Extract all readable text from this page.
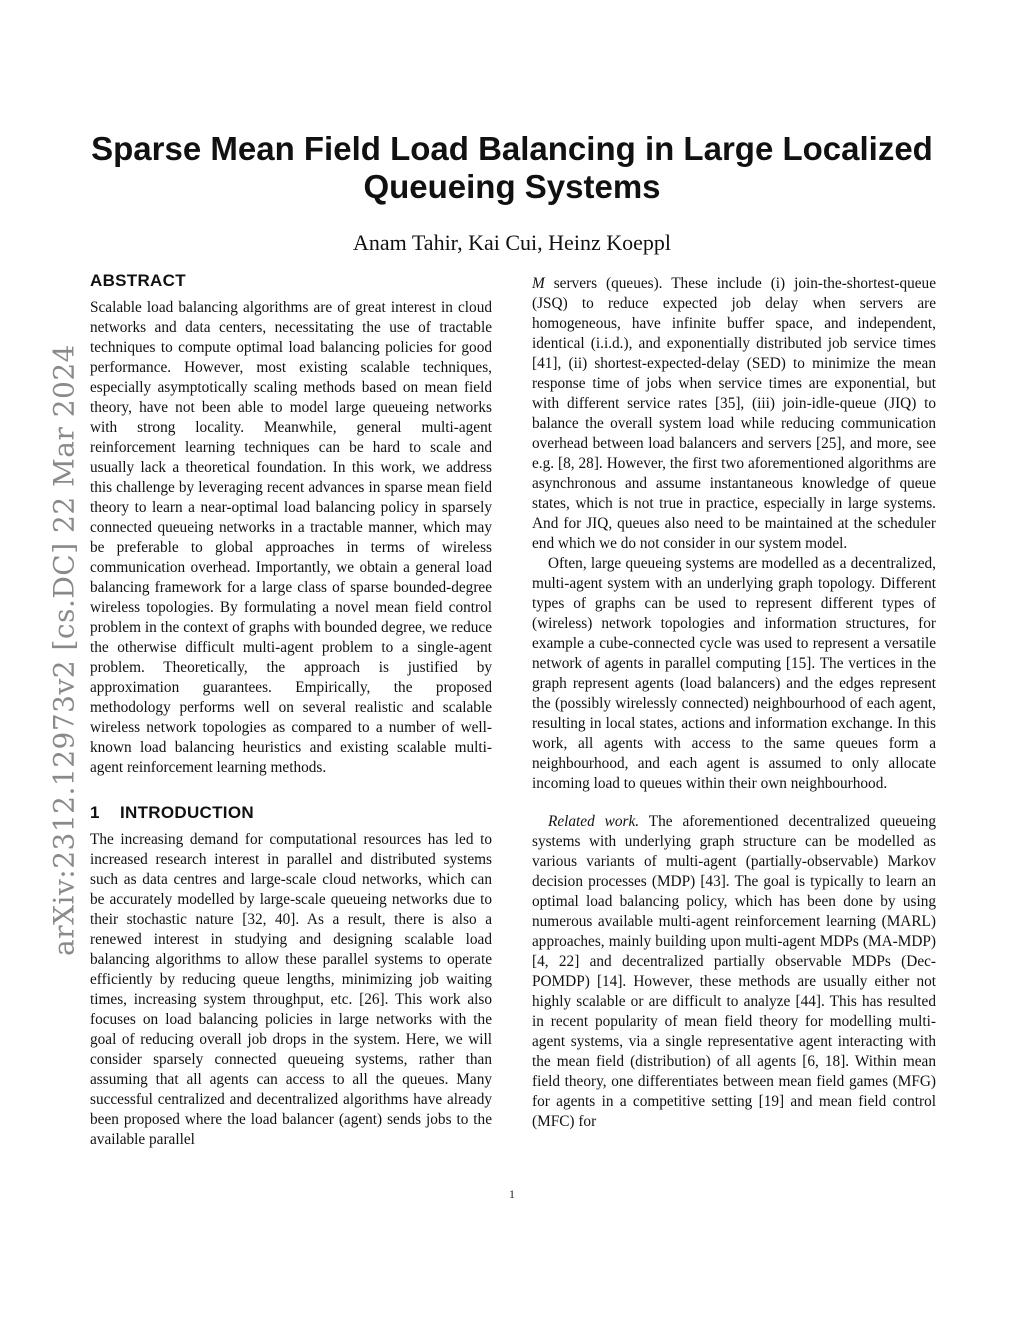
arXiv:2312.12973v2 [cs.DC] 22 Mar 2024
Sparse Mean Field Load Balancing in Large Localized Queueing Systems
Anam Tahir, Kai Cui, Heinz Koeppl
ABSTRACT

Scalable load balancing algorithms are of great interest in cloud networks and data centers, necessitating the use of tractable techniques to compute optimal load balancing policies for good performance. However, most existing scalable techniques, especially asymptotically scaling methods based on mean field theory, have not been able to model large queueing networks with strong locality. Meanwhile, general multi-agent reinforcement learning techniques can be hard to scale and usually lack a theoretical foundation. In this work, we address this challenge by leveraging recent advances in sparse mean field theory to learn a near-optimal load balancing policy in sparsely connected queueing networks in a tractable manner, which may be preferable to global approaches in terms of wireless communication overhead. Importantly, we obtain a general load balancing framework for a large class of sparse bounded-degree wireless topologies. By formulating a novel mean field control problem in the context of graphs with bounded degree, we reduce the otherwise difficult multi-agent problem to a single-agent problem. Theoretically, the approach is justified by approximation guarantees. Empirically, the proposed methodology performs well on several realistic and scalable wireless network topologies as compared to a number of well-known load balancing heuristics and existing scalable multi-agent reinforcement learning methods.

1 INTRODUCTION

The increasing demand for computational resources has led to increased research interest in parallel and distributed systems such as data centres and large-scale cloud networks, which can be accurately modelled by large-scale queueing networks due to their stochastic nature [32, 40]. As a result, there is also a renewed interest in studying and designing scalable load balancing algorithms to allow these parallel systems to operate efficiently by reducing queue lengths, minimizing job waiting times, increasing system throughput, etc. [26]. This work also focuses on load balancing policies in large networks with the goal of reducing overall job drops in the system. Here, we will consider sparsely connected queueing systems, rather than assuming that all agents can access to all the queues. Many successful centralized and decentralized algorithms have already been proposed where the load balancer (agent) sends jobs to the available parallel

M servers (queues). These include (i) join-the-shortest-queue (JSQ) to reduce expected job delay when servers are homogeneous, have infinite buffer space, and independent, identical (i.i.d.), and exponentially distributed job service times [41], (ii) shortest-expected-delay (SED) to minimize the mean response time of jobs when service times are exponential, but with different service rates [35], (iii) join-idle-queue (JIQ) to balance the overall system load while reducing communication overhead between load balancers and servers [25], and more, see e.g. [8, 28]. However, the first two aforementioned algorithms are asynchronous and assume instantaneous knowledge of queue states, which is not true in practice, especially in large systems. And for JIQ, queues also need to be maintained at the scheduler end which we do not consider in our system model.

Often, large queueing systems are modelled as a decentralized, multi-agent system with an underlying graph topology. Different types of graphs can be used to represent different types of (wireless) network topologies and information structures, for example a cube-connected cycle was used to represent a versatile network of agents in parallel computing [15]. The vertices in the graph represent agents (load balancers) and the edges represent the (possibly wirelessly connected) neighbourhood of each agent, resulting in local states, actions and information exchange. In this work, all agents with access to the same queues form a neighbourhood, and each agent is assumed to only allocate incoming load to queues within their own neighbourhood.

Related work. The aforementioned decentralized queueing systems with underlying graph structure can be modelled as various variants of multi-agent (partially-observable) Markov decision processes (MDP) [43]. The goal is typically to learn an optimal load balancing policy, which has been done by using numerous available multi-agent reinforcement learning (MARL) approaches, mainly building upon multi-agent MDPs (MA-MDP) [4, 22] and decentralized partially observable MDPs (Dec-POMDP) [14]. However, these methods are usually either not highly scalable or are difficult to analyze [44]. This has resulted in recent popularity of mean field theory for modelling multi-agent systems, via a single representative agent interacting with the mean field (distribution) of all agents [6, 18]. Within mean field theory, one differentiates between mean field games (MFG) for agents in a competitive setting [19] and mean field control (MFC) for

1
